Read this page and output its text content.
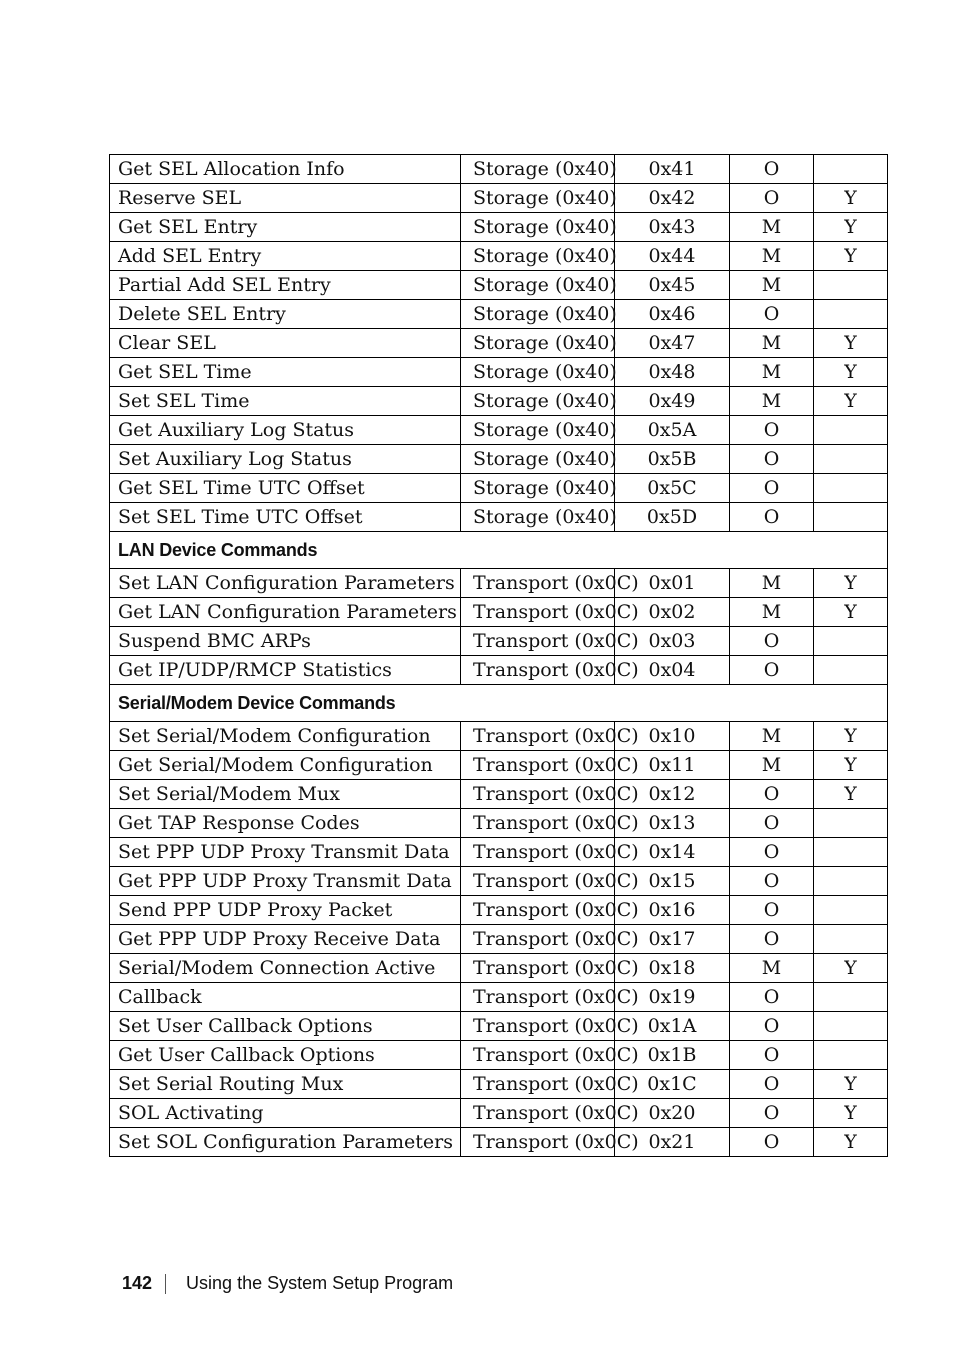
Get SEL Allocation Info	Storage (0x40)	0x41	O	
Reserve SEL	Storage (0x40)	0x42	O	Y
Get SEL Entry	Storage (0x40)	0x43	M	Y
Add SEL Entry	Storage (0x40)	0x44	M	Y
Partial Add SEL Entry	Storage (0x40)	0x45	M	
Delete SEL Entry	Storage (0x40)	0x46	O	
Clear SEL	Storage (0x40)	0x47	M	Y
Get SEL Time	Storage (0x40)	0x48	M	Y
Set SEL Time	Storage (0x40)	0x49	M	Y
Get Auxiliary Log Status	Storage (0x40)	0x5A	O	
Set Auxiliary Log Status	Storage (0x40)	0x5B	O	
Get SEL Time UTC Offset	Storage (0x40)	0x5C	O	
Set SEL Time UTC Offset	Storage (0x40)	0x5D	O	
LAN Device Commands				
Set LAN Configuration Parameters	Transport (0x0C)	0x01	M	Y
Get LAN Configuration Parameters	Transport (0x0C)	0x02	M	Y
Suspend BMC ARPs	Transport (0x0C)	0x03	O	
Get IP/UDP/RMCP Statistics	Transport (0x0C)	0x04	O	
Serial/Modem Device Commands				
Set Serial/Modem Configuration	Transport (0x0C)	0x10	M	Y
Get Serial/Modem Configuration	Transport (0x0C)	0x11	M	Y
Set Serial/Modem Mux	Transport (0x0C)	0x12	O	Y
Get TAP Response Codes	Transport (0x0C)	0x13	O	
Set PPP UDP Proxy Transmit Data	Transport (0x0C)	0x14	O	
Get PPP UDP Proxy Transmit Data	Transport (0x0C)	0x15	O	
Send PPP UDP Proxy Packet	Transport (0x0C)	0x16	O	
Get PPP UDP Proxy Receive Data	Transport (0x0C)	0x17	O	
Serial/Modem Connection Active	Transport (0x0C)	0x18	M	Y
Callback	Transport (0x0C)	0x19	O	
Set User Callback Options	Transport (0x0C)	0x1A	O	
Get User Callback Options	Transport (0x0C)	0x1B	O	
Set Serial Routing Mux	Transport (0x0C)	0x1C	O	Y
SOL Activating	Transport (0x0C)	0x20	O	Y
Set SOL Configuration Parameters	Transport (0x0C)	0x21	O	Y
142 Using the System Setup Program
